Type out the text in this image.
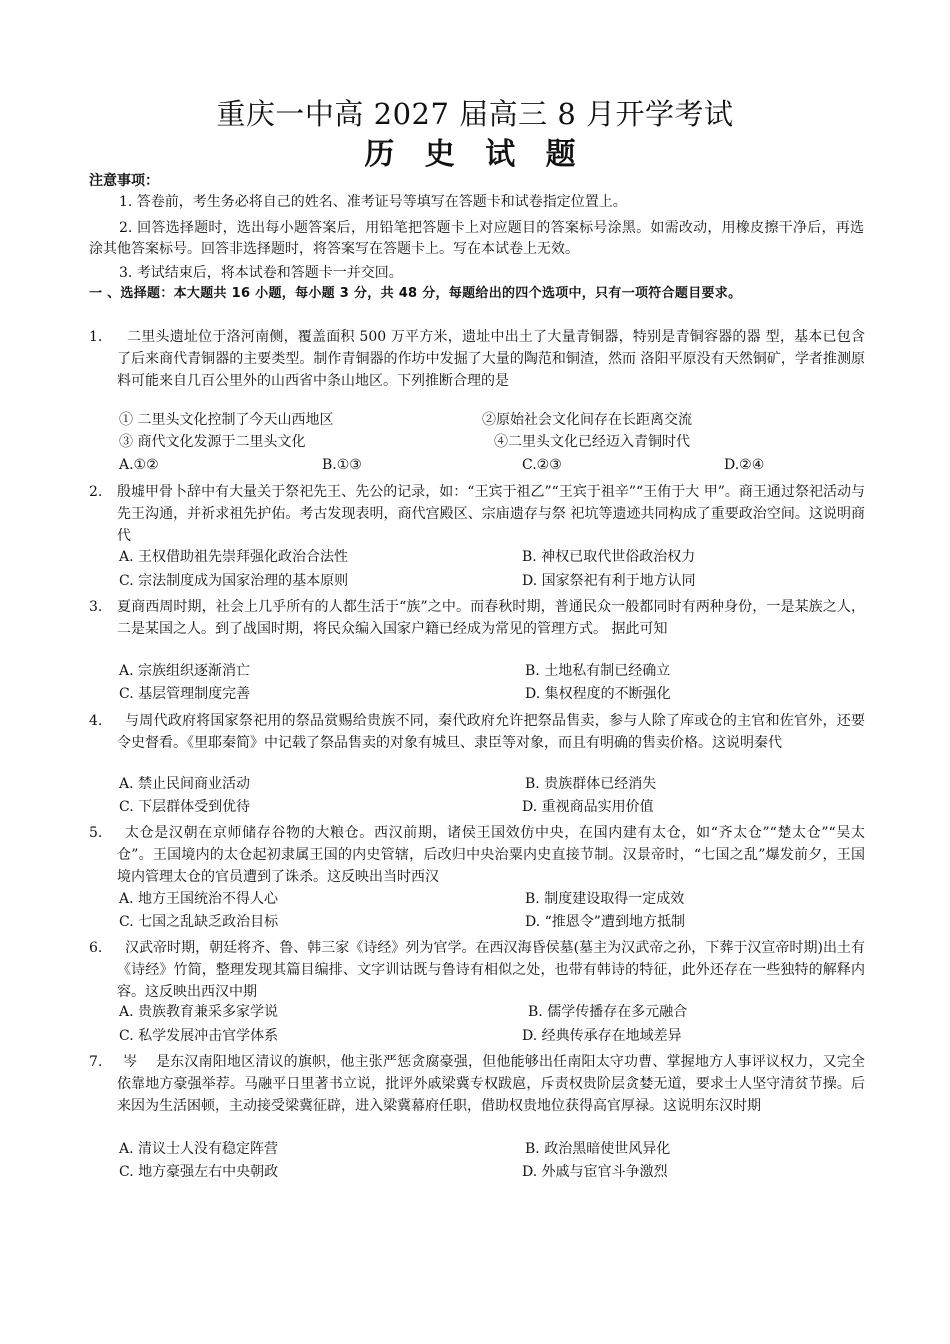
重庆一中高 2027 届高三 8 月开学考试
历 史 试 题
注意事项：
1. 答卷前，考生务必将自己的姓名、准考证号等填写在答题卡和试卷指定位置上。
2. 回答选择题时，选出每小题答案后，用铅笔把答题卡上对应题目的答案标号涂黑。如需改动，用橡皮擦干净后，再选涂其他答案标号。回答非选择题时，将答案写在答题卡上。写在本试卷上无效。
3. 考试结束后，将本试卷和答题卡一并交回。
一 、选择题：本大题共 16 小题，每小题 3 分，共 48 分，每题给出的四个选项中，只有一项符合题目要求。
1.	二里头遗址位于洛河南侧，覆盖面积 500 万平方米，遗址中出土了大量青铜器，特别是青铜容器的器 型，基本已包含了后来商代青铜器的主要类型。制作青铜器的作坊中发掘了大量的陶范和铜渣，然而 洛阳平原没有天然铜矿，学者推测原料可能来自几百公里外的山西省中条山地区。下列推断合理的是
① 二里头文化控制了今天山西地区	②原始社会文化间存在长距离交流
③ 商代文化发源于二里头文化	④二里头文化已经迈入青铜时代
A.①②	B.①③	C.②③	D.②④
2. 殷墟甲骨卜辞中有大量关于祭祀先王、先公的记录，如：“王宾于祖乙”“王宾于祖辛”“王侑于大 甲”。商王通过祭祀活动与先王沟通，并祈求祖先护佑。考古发现表明，商代宫殿区、宗庙遗存与祭 祀坑等遗迹共同构成了重要政治空间。这说明商代
A. 王权借助祖先崇拜强化政治合法性	B. 神权已取代世俗政治权力
C. 宗法制度成为国家治理的基本原则	D. 国家祭祀有利于地方认同
3. 夏商西周时期，社会上几乎所有的人都生活于“族”之中。而春秋时期，普通民众一般都同时有两种身份，一是某族之人，二是某国之人。到了战国时期，将民众编入国家户籍已经成为常见的管理方式。 据此可知
A. 宗族组织逐渐消亡	B. 土地私有制已经确立
C. 基层管理制度完善	D. 集权程度的不断强化
4.	与周代政府将国家祭祀用的祭品赏赐给贵族不同，秦代政府允许把祭品售卖，参与人除了库或仓的主官和佐官外，还要令史督看。《里耶秦简》中记载了祭品售卖的对象有城旦、隶臣等对象，而且有明确的售卖价格。这说明秦代
A. 禁止民间商业活动	B. 贵族群体已经消失
C. 下层群体受到优待	D. 重视商品实用价值
5.	太仓是汉朝在京师储存谷物的大粮仓。西汉前期，诸侯王国效仿中央，在国内建有太仓，如“齐太仓”“楚太仓”“吴太仓”。王国境内的太仓起初隶属王国的内史管辖，后改归中央治粟内史直接节制。汉景帝时，“七国之乱”爆发前夕，王国境内管理太仓的官员遭到了诛杀。这反映出当时西汉
A. 地方王国统治不得人心	B. 制度建设取得一定成效
C. 七国之乱缺乏政治目标	D. “推恩令”遭到地方抵制
6.	汉武帝时期，朝廷将齐、鲁、韩三家《诗经》列为官学。在西汉海昏侯墓(墓主为汉武帝之孙，下葬于汉宣帝时期)出土有《诗经》竹简，整理发现其篇目编排、文字训诂既与鲁诗有相似之处，也带有韩诗的特征，此外还存在一些独特的解释内容。这反映出西汉中期
A. 贵族教育兼采多家学说	B. 儒学传播存在多元融合
C. 私学发展冲击官学体系	D. 经典传承存在地域差异
7.	岑　 是东汉南阳地区清议的旗帜，他主张严惩贪腐豪强，但他能够出任南阳太守功曹、掌握地方人事评议权力，又完全依靠地方豪强举荐。马融平日里著书立说，批评外戚梁冀专权跋扈，斥责权贵阶层贪婪无道，要求士人坚守清贫节操。后来因为生活困顿，主动接受梁冀征辟，进入梁冀幕府任职，借助权贵地位获得高官厚禄。这说明东汉时期
A. 清议士人没有稳定阵营	B. 政治黑暗使世风异化
C. 地方豪强左右中央朝政	D. 外戚与宦官斗争激烈
